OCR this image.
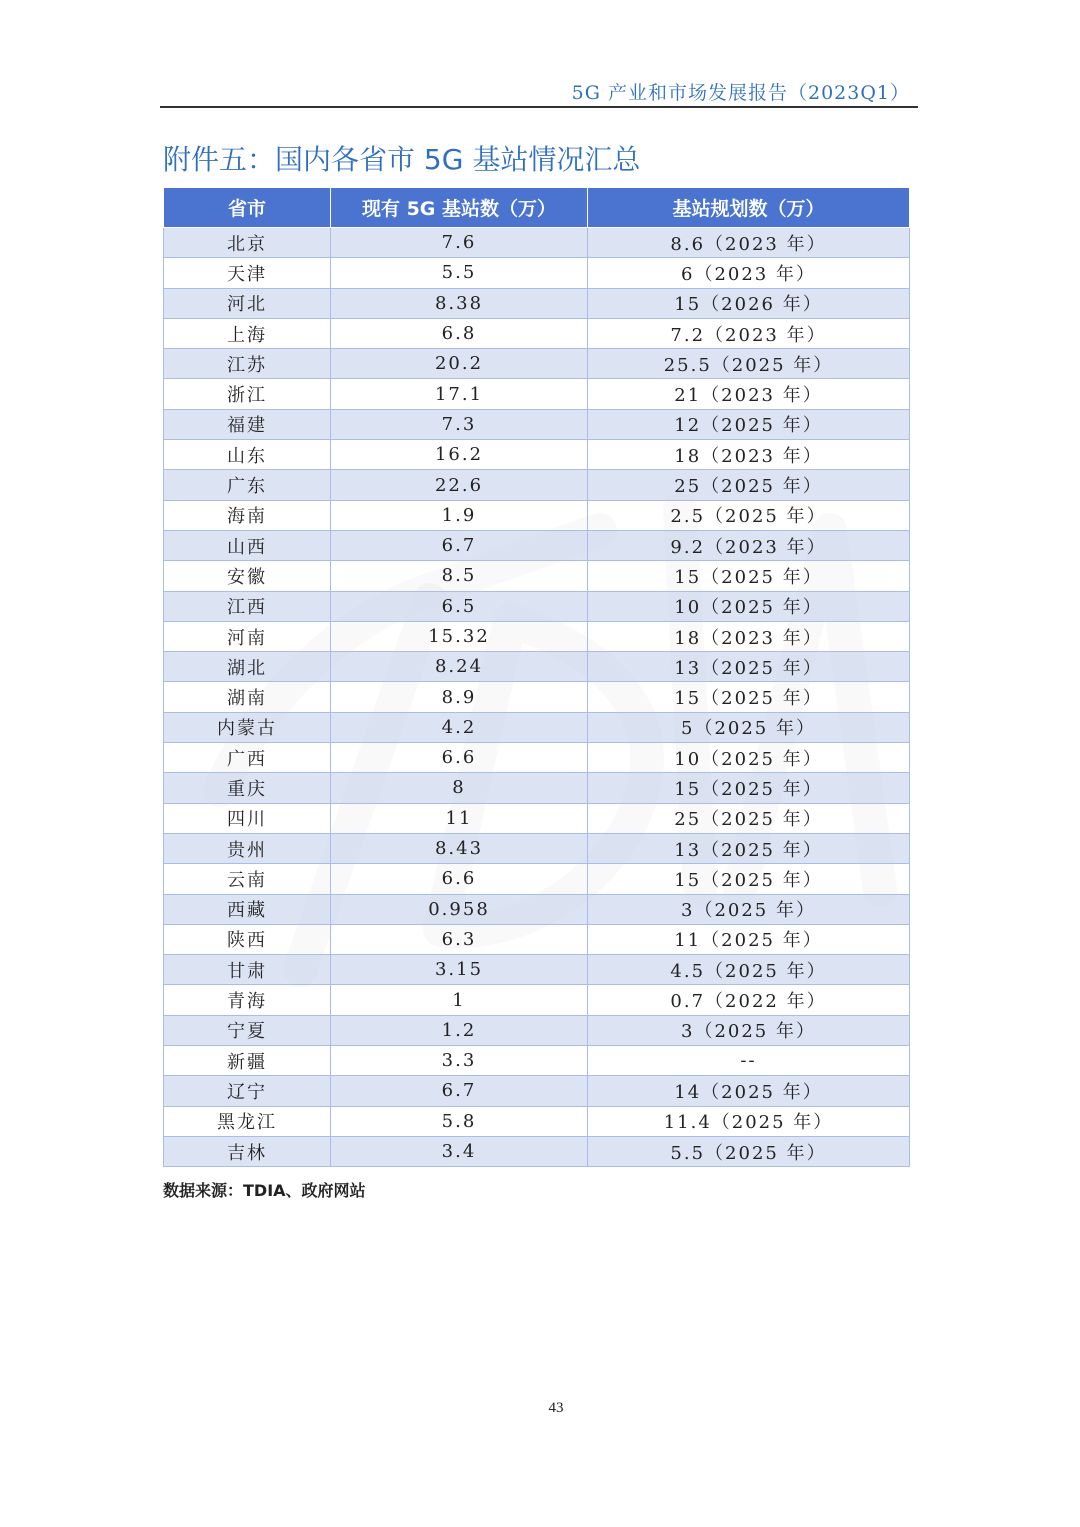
5G 产业和市场发展报告（2023Q1）
附件五：国内各省市 5G 基站情况汇总
省市	现有 5G 基站数（万）	基站规划数（万）
北京	7.6	8.6（2023 年）
天津	5.5	6（2023 年）
河北	8.38	15（2026 年）
上海	6.8	7.2（2023 年）
江苏	20.2	25.5（2025 年）
浙江	17.1	21（2023 年）
福建	7.3	12（2025 年）
山东	16.2	18（2023 年）
广东	22.6	25（2025 年）
海南	1.9	2.5（2025 年）
山西	6.7	9.2（2023 年）
安徽	8.5	15（2025 年）
江西	6.5	10（2025 年）
河南	15.32	18（2023 年）
湖北	8.24	13（2025 年）
湖南	8.9	15（2025 年）
内蒙古	4.2	5（2025 年）
广西	6.6	10（2025 年）
重庆	8	15（2025 年）
四川	11	25（2025 年）
贵州	8.43	13（2025 年）
云南	6.6	15（2025 年）
西藏	0.958	3（2025 年）
陕西	6.3	11（2025 年）
甘肃	3.15	4.5（2025 年）
青海	1	0.7（2022 年）
宁夏	1.2	3（2025 年）
新疆	3.3	--
辽宁	6.7	14（2025 年）
黑龙江	5.8	11.4（2025 年）
吉林	3.4	5.5（2025 年）
数据来源：TDIA、政府网站
43
